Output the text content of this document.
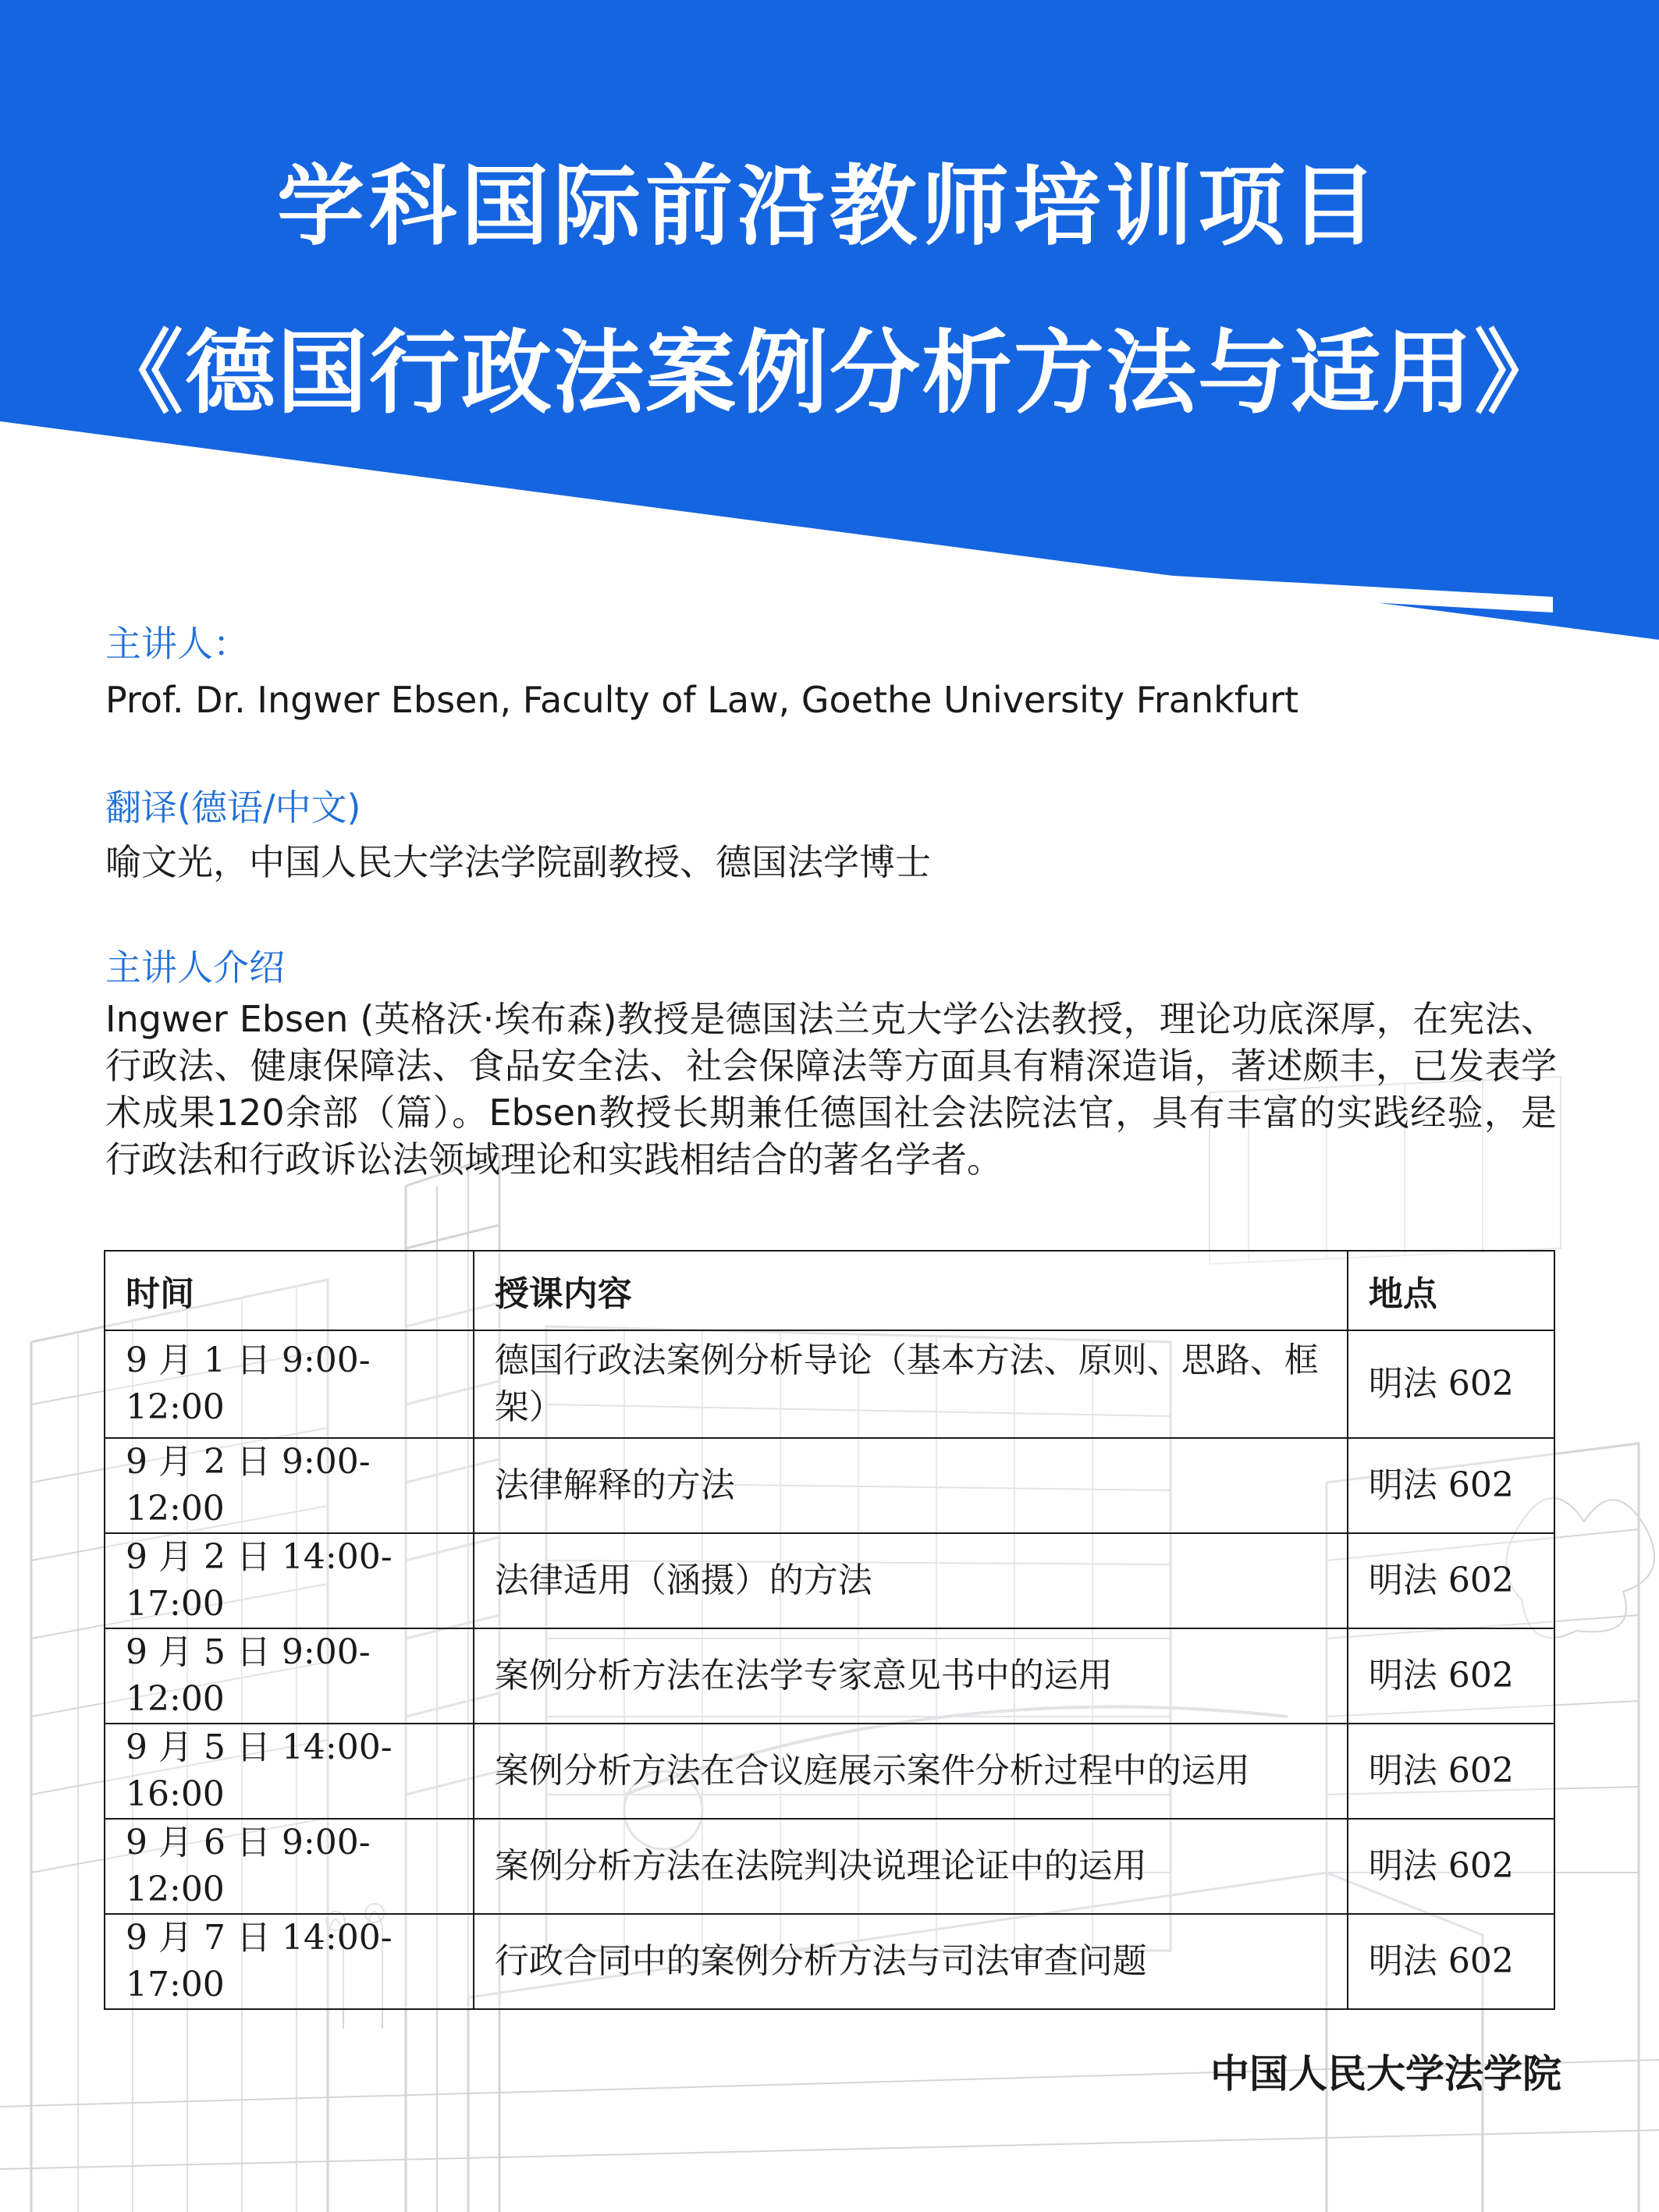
学科国际前沿教师培训项目
《德国行政法案例分析方法与适用》
主讲人：
Prof. Dr. Ingwer Ebsen, Faculty of Law, Goethe University Frankfurt
翻译(德语/中文)
喻文光，中国人民大学法学院副教授、德国法学博士
主讲人介绍
Ingwer Ebsen (英格沃·埃布森)教授是德国法兰克大学公法教授，理论功底深厚，在宪法、行政法、健康保障法、食品安全法、社会保障法等方面具有精深造诣，著述颇丰，已发表学术成果120余部（篇）。Ebsen教授长期兼任德国社会法院法官，具有丰富的实践经验，是行政法和行政诉讼法领域理论和实践相结合的著名学者。
时间	授课内容	地点
9 月 1 日 9:00-12:00	德国行政法案例分析导论（基本方法、原则、思路、框架）	明法 602
9 月 2 日 9:00-12:00	法律解释的方法	明法 602
9 月 2 日 14:00-17:00	法律适用（涵摄）的方法	明法 602
9 月 5 日 9:00-12:00	案例分析方法在法学专家意见书中的运用	明法 602
9 月 5 日 14:00-16:00	案例分析方法在合议庭展示案件分析过程中的运用	明法 602
9 月 6 日 9:00-12:00	案例分析方法在法院判决说理论证中的运用	明法 602
9 月 7 日 14:00-17:00	行政合同中的案例分析方法与司法审查问题	明法 602
中国人民大学法学院
